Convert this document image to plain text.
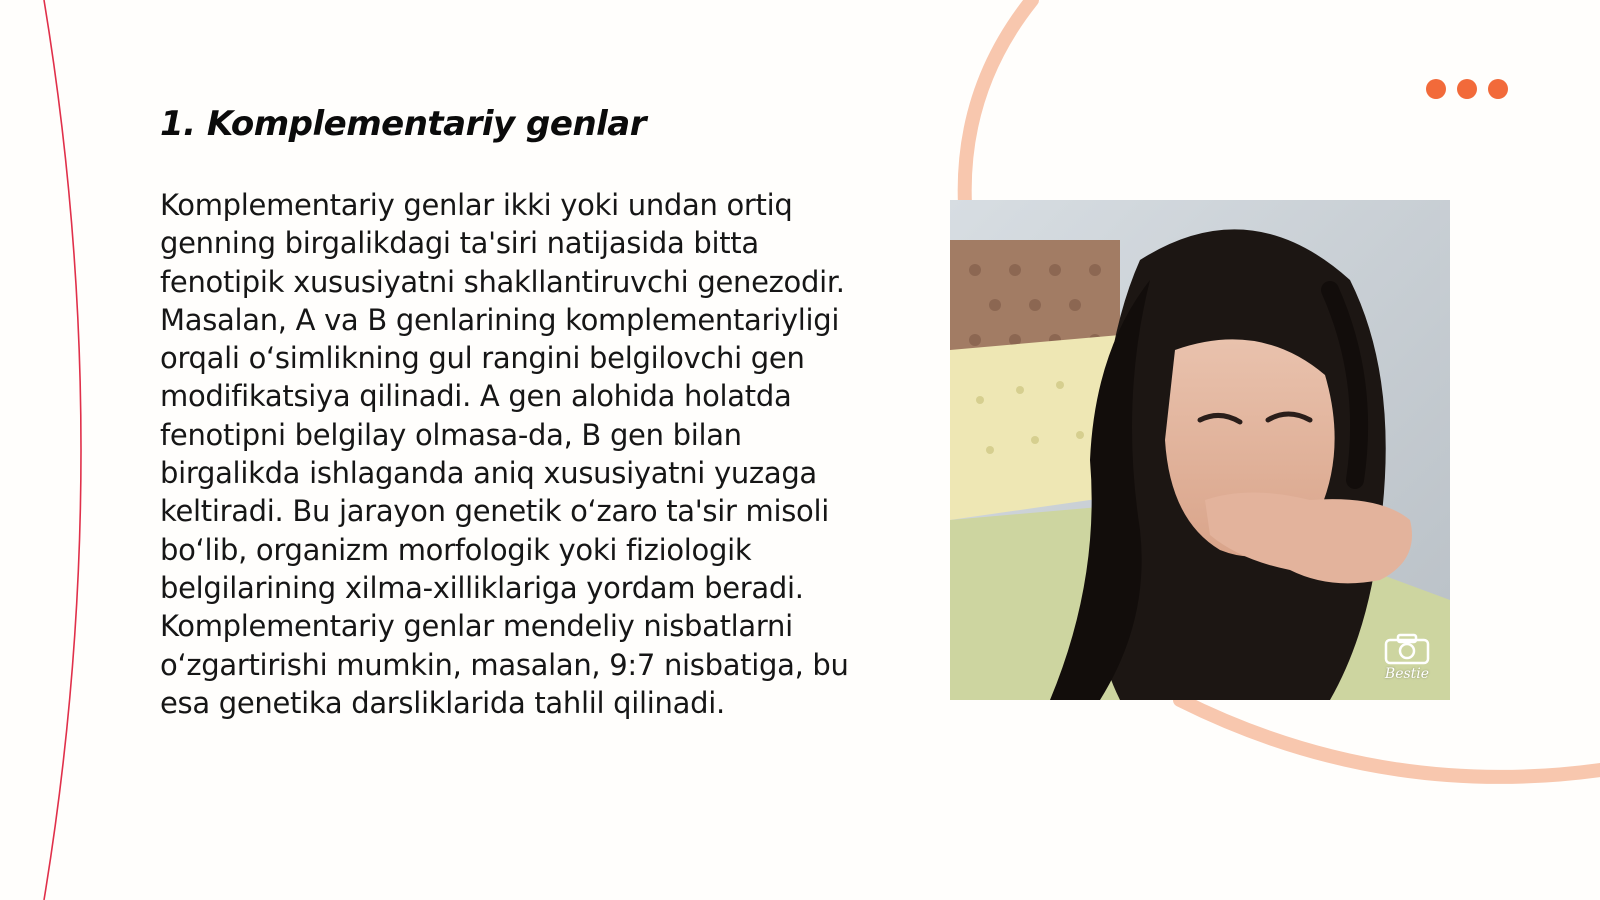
1. Komplementariy genlar

Komplementariy genlar ikki yoki undan ortiq genning birgalikdagi ta'siri natijasida bitta fenotipik xususiyatni shakllantiruvchi genezodir. Masalan, A va B genlarining komplementariyligi orqali o‘simlikning gul rangini belgilovchi gen modifikatsiya qilinadi. A gen alohida holatda fenotipni belgilay olmasa-da, B gen bilan birgalikda ishlaganda aniq xususiyatni yuzaga keltiradi. Bu jarayon genetik o‘zaro ta'sir misoli bo‘lib, organizm morfologik yoki fiziologik belgilarining xilma-xilliklariga yordam beradi. Komplementariy genlar mendeliy nisbatlarni o‘zgartirishi mumkin, masalan, 9:7 nisbatiga, bu esa genetika darsliklarida tahlil qilinadi.

Bestie
